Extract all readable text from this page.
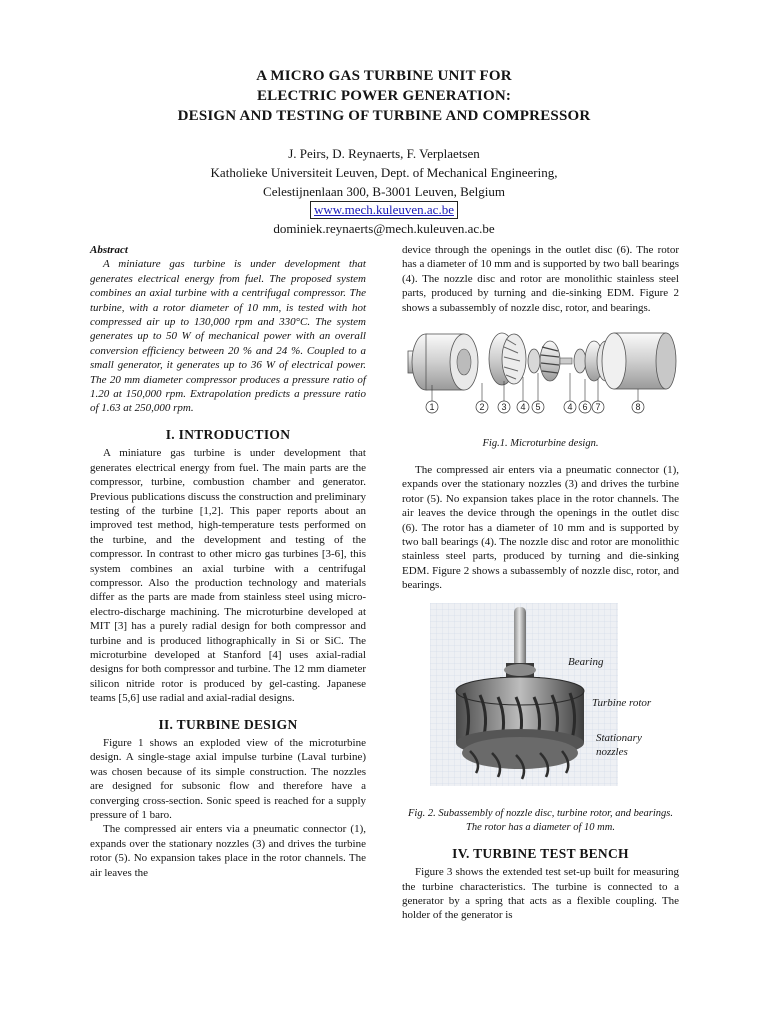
A MICRO GAS TURBINE UNIT FOR
ELECTRIC POWER GENERATION:
DESIGN AND TESTING OF TURBINE AND COMPRESSOR
J. Peirs, D. Reynaerts, F. Verplaetsen
Katholieke Universiteit Leuven, Dept. of Mechanical Engineering,
Celestijnenlaan 300, B-3001 Leuven, Belgium
www.mech.kuleuven.ac.be
dominiek.reynaerts@mech.kuleuven.ac.be

Abstract

A miniature gas turbine is under development that generates electrical energy from fuel. The proposed system combines an axial turbine with a centrifugal compressor. The turbine, with a rotor diameter of 10 mm, is tested with hot compressed air up to 130,000 rpm and 330°C. The system generates up to 50 W of mechanical power with an overall conversion efficiency between 20 % and 24 %. Coupled to a small generator, it generates up to 36 W of electrical power. The 20 mm diameter compressor produces a pressure ratio of 1.20 at 150,000 rpm. Extrapolation predicts a pressure ratio of 1.63 at 250,000 rpm.

I. INTRODUCTION

A miniature gas turbine is under development that generates electrical energy from fuel. The main parts are the compressor, turbine, combustion chamber and generator. Previous publications discuss the construction and preliminary testing of the turbine [1,2]. This paper reports about an improved test method, high-temperature tests performed on the turbine, and the development and testing of the compressor. In contrast to other micro gas turbines [3-6], this system combines an axial turbine with a centrifugal compressor. Also the production technology and materials differ as the parts are made from stainless steel using micro-electro-discharge machining. The microturbine developed at MIT [3] has a purely radial design for both compressor and turbine and is produced lithographically in Si or SiC. The microturbine developed at Stanford [4] uses axial-radial designs for both compressor and turbine. The 12 mm diameter silicon nitride rotor is produced by gel-casting. Japanese teams [5,6] use radial and axial-radial designs.

II. TURBINE DESIGN

Figure 1 shows an exploded view of the microturbine design. A single-stage axial impulse turbine (Laval turbine) was chosen because of its simple construction. The nozzles are designed for subsonic flow and therefore have a converging cross-section. Sonic speed is reached for a supply pressure of 1 baro.

The compressed air enters via a pneumatic connector (1), expands over the stationary nozzles (3) and drives the turbine rotor (5). No expansion takes place in the rotor channels. The air leaves the

device through the openings in the outlet disc (6). The rotor has a diameter of 10 mm and is supported by two ball bearings (4). The nozzle disc and rotor are monolithic stainless steel parts, produced by turning and die-sinking EDM. Figure 2 shows a subassembly of nozzle disc, rotor, and bearings.

1	2 3 4 5	4 6 7	8

Fig.1. Microturbine design.

The compressed air enters via a pneumatic connector (1), expands over the stationary nozzles (3) and drives the turbine rotor (5). No expansion takes place in the rotor channels. The air leaves the device through the openings in the outlet disc (6). The rotor has a diameter of 10 mm and is supported by two ball bearings (4). The nozzle disc and rotor are monolithic stainless steel parts, produced by turning and die-sinking EDM. Figure 2 shows a subassembly of nozzle disc, rotor, and bearings.

Bearing
Turbine rotor
Stationary
nozzles

Fig. 2. Subassembly of nozzle disc, turbine rotor, and bearings. The rotor has a diameter of 10 mm.

IV. TURBINE TEST BENCH

Figure 3 shows the extended test set-up built for measuring the turbine characteristics. The turbine is connected to a generator by a spring that acts as a flexible coupling. The holder of the generator is
